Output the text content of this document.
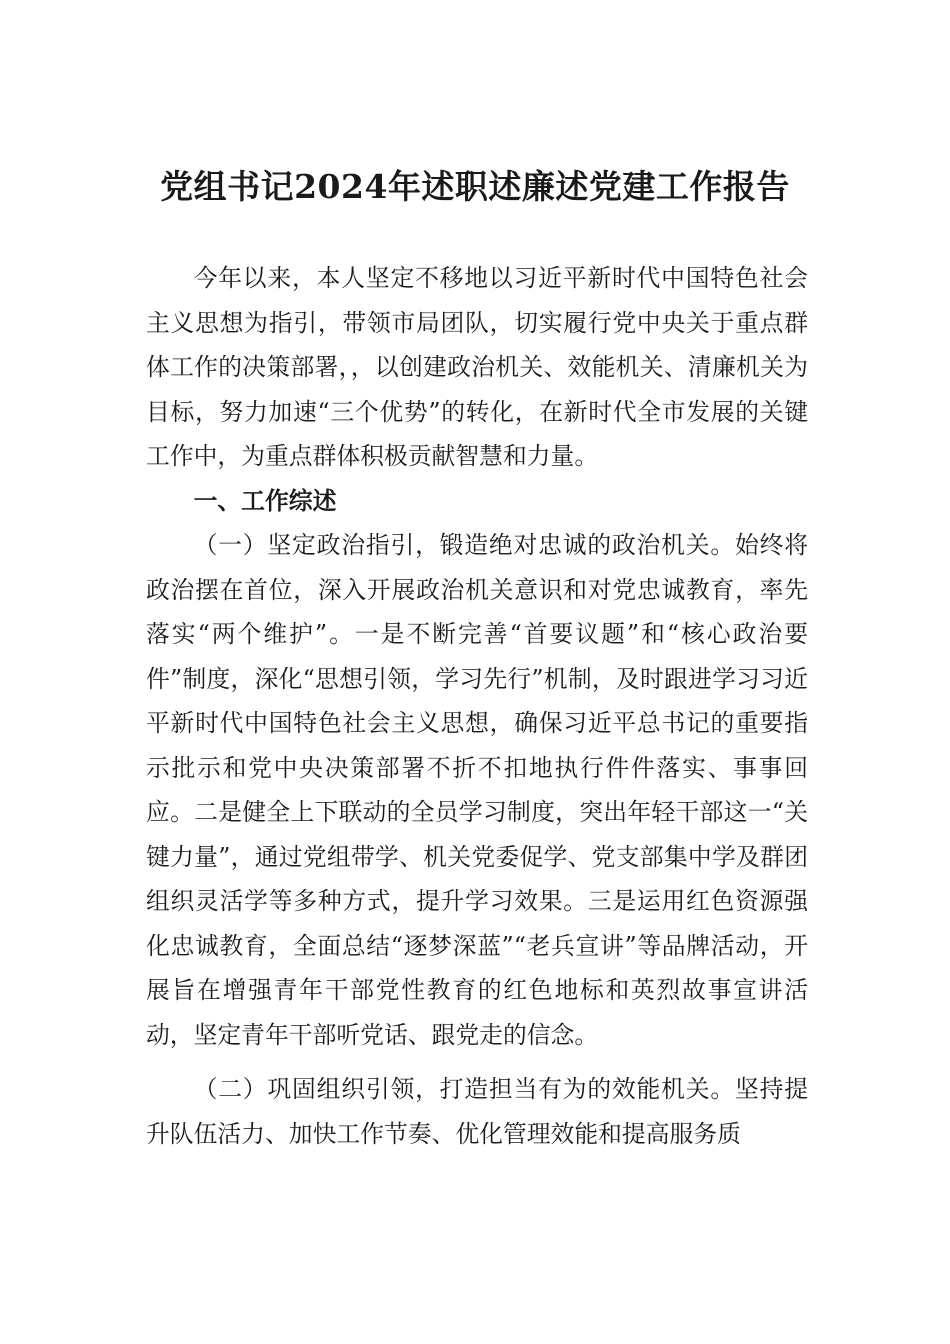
党组书记2024年述职述廉述党建工作报告

今年以来，本人坚定不移地以习近平新时代中国特色社会主义思想为指引，带领市局团队，切实履行党中央关于重点群体工作的决策部署，，以创建政治机关、效能机关、清廉机关为目标，努力加速“三个优势”的转化，在新时代全市发展的关键工作中，为重点群体积极贡献智慧和力量。

一、工作综述

（一）坚定政治指引，锻造绝对忠诚的政治机关。始终将政治摆在首位，深入开展政治机关意识和对党忠诚教育，率先落实“两个维护”。一是不断完善“首要议题”和“核心政治要件”制度，深化“思想引领，学习先行”机制，及时跟进学习习近平新时代中国特色社会主义思想，确保习近平总书记的重要指示批示和党中央决策部署不折不扣地执行件件落实、事事回应。二是健全上下联动的全员学习制度，突出年轻干部这一“关键力量”，通过党组带学、机关党委促学、党支部集中学及群团组织灵活学等多种方式，提升学习效果。三是运用红色资源强化忠诚教育，全面总结“逐梦深蓝”“老兵宣讲”等品牌活动，开展旨在增强青年干部党性教育的红色地标和英烈故事宣讲活动，坚定青年干部听党话、跟党走的信念。

（二）巩固组织引领，打造担当有为的效能机关。坚持提升队伍活力、加快工作节奏、优化管理效能和提高服务质
